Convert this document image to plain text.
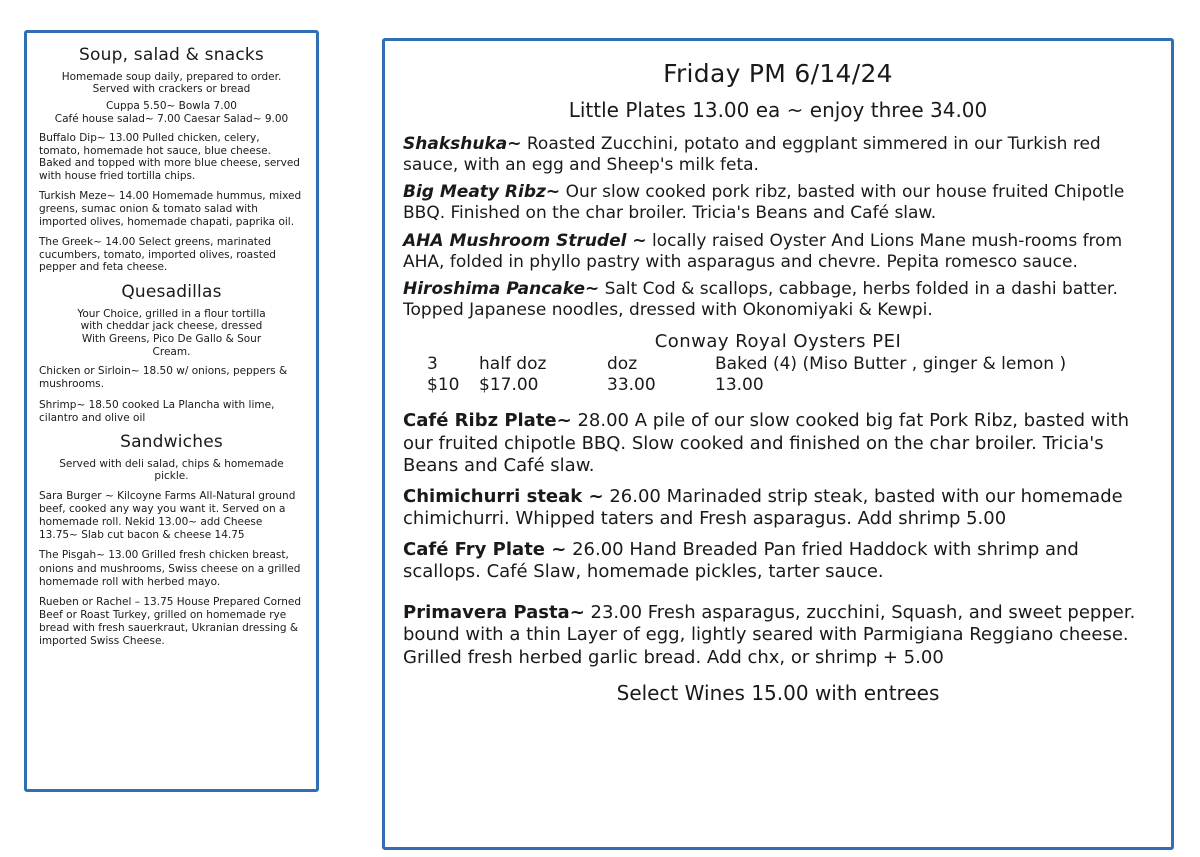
Soup, salad & snacks
Homemade soup daily, prepared to order.
Served with crackers or bread
Cuppa 5.50~ Bowla 7.00
Café house salad~ 7.00 Caesar Salad~ 9.00
Buffalo Dip~ 13.00 Pulled chicken, celery, tomato, homemade hot sauce, blue cheese. Baked and topped with more blue cheese, served with house fried tortilla chips.
Turkish Meze~ 14.00 Homemade hummus, mixed greens, sumac onion & tomato salad with imported olives, homemade chapati, paprika oil.
The Greek~ 14.00 Select greens, marinated cucumbers, tomato, imported olives, roasted pepper and feta cheese.
Quesadillas
Your Choice, grilled in a flour tortilla
with cheddar jack cheese, dressed
With Greens, Pico De Gallo & Sour
Cream.
Chicken or Sirloin~ 18.50 w/ onions, peppers & mushrooms.
Shrimp~ 18.50 cooked La Plancha with lime, cilantro and olive oil
Sandwiches
Served with deli salad, chips & homemade
pickle.
Sara Burger ~ Kilcoyne Farms All-Natural ground beef, cooked any way you want it. Served on a homemade roll. Nekid 13.00~ add Cheese 13.75~ Slab cut bacon & cheese 14.75
The Pisgah~ 13.00 Grilled fresh chicken breast, onions and mushrooms, Swiss cheese on a grilled homemade roll with herbed mayo.
Rueben or Rachel – 13.75 House Prepared Corned Beef or Roast Turkey, grilled on homemade rye bread with fresh sauerkraut, Ukranian dressing & imported Swiss Cheese.
Friday PM 6/14/24
Little Plates 13.00 ea ~ enjoy three 34.00
Shakshuka~ Roasted Zucchini, potato and eggplant simmered in our Turkish red sauce, with an egg and Sheep's milk feta.
Big Meaty Ribz~ Our slow cooked pork ribz, basted with our house fruited Chipotle BBQ. Finished on the char broiler. Tricia's Beans and Café slaw.
AHA Mushroom Strudel ~ locally raised Oyster And Lions Mane mush-rooms from AHA, folded in phyllo pastry with asparagus and chevre. Pepita romesco sauce.
Hiroshima Pancake~ Salt Cod & scallops, cabbage, herbs folded in a dashi batter. Topped Japanese noodles, dressed with Okonomiyaki & Kewpi.
Conway Royal Oysters PEI
3 half doz	doz	Baked (4) (Miso Butter , ginger & lemon )
$10 $17.00	33.00	13.00
Café Ribz Plate~ 28.00 A pile of our slow cooked big fat Pork Ribz, basted with our fruited chipotle BBQ. Slow cooked and finished on the char broiler. Tricia's Beans and Café slaw.
Chimichurri steak ~ 26.00 Marinaded strip steak, basted with our homemade chimichurri. Whipped taters and Fresh asparagus. Add shrimp 5.00
Café Fry Plate ~ 26.00 Hand Breaded Pan fried Haddock with shrimp and scallops. Café Slaw, homemade pickles, tarter sauce.
Primavera Pasta~ 23.00 Fresh asparagus, zucchini, Squash, and sweet pepper. bound with a thin Layer of egg, lightly seared with Parmigiana Reggiano cheese. Grilled fresh herbed garlic bread. Add chx, or shrimp + 5.00
Select Wines 15.00 with entrees
